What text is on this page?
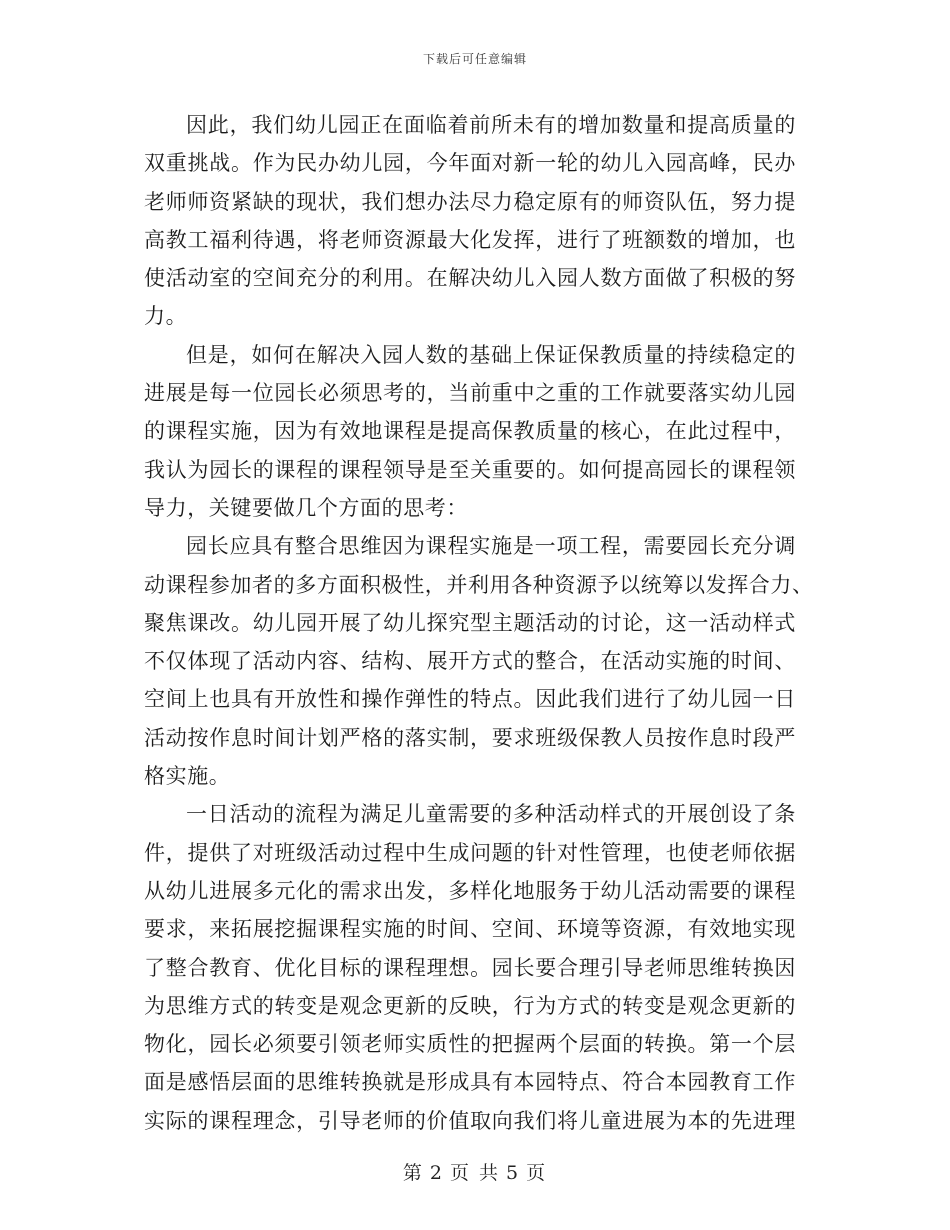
下载后可任意编辑

因此，我们幼儿园正在面临着前所未有的增加数量和提高质量的
双重挑战。作为民办幼儿园，今年面对新一轮的幼儿入园高峰，民办
老师师资紧缺的现状，我们想办法尽力稳定原有的师资队伍，努力提
高教工福利待遇，将老师资源最大化发挥，进行了班额数的增加，也
使活动室的空间充分的利用。在解决幼儿入园人数方面做了积极的努
力。

但是，如何在解决入园人数的基础上保证保教质量的持续稳定的
进展是每一位园长必须思考的，当前重中之重的工作就要落实幼儿园
的课程实施，因为有效地课程是提高保教质量的核心，在此过程中，
我认为园长的课程的课程领导是至关重要的。如何提高园长的课程领
导力，关键要做几个方面的思考：

园长应具有整合思维因为课程实施是一项工程，需要园长充分调
动课程参加者的多方面积极性，并利用各种资源予以统筹以发挥合力、
聚焦课改。幼儿园开展了幼儿探究型主题活动的讨论，这一活动样式
不仅体现了活动内容、结构、展开方式的整合，在活动实施的时间、
空间上也具有开放性和操作弹性的特点。因此我们进行了幼儿园一日
活动按作息时间计划严格的落实制，要求班级保教人员按作息时段严
格实施。

一日活动的流程为满足儿童需要的多种活动样式的开展创设了条
件，提供了对班级活动过程中生成问题的针对性管理，也使老师依据
从幼儿进展多元化的需求出发，多样化地服务于幼儿活动需要的课程
要求，来拓展挖掘课程实施的时间、空间、环境等资源，有效地实现
了整合教育、优化目标的课程理想。园长要合理引导老师思维转换因
为思维方式的转变是观念更新的反映，行为方式的转变是观念更新的
物化，园长必须要引领老师实质性的把握两个层面的转换。第一个层
面是感悟层面的思维转换就是形成具有本园特点、符合本园教育工作
实际的课程理念，引导老师的价值取向我们将儿童进展为本的先进理

第 2 页 共 5 页
